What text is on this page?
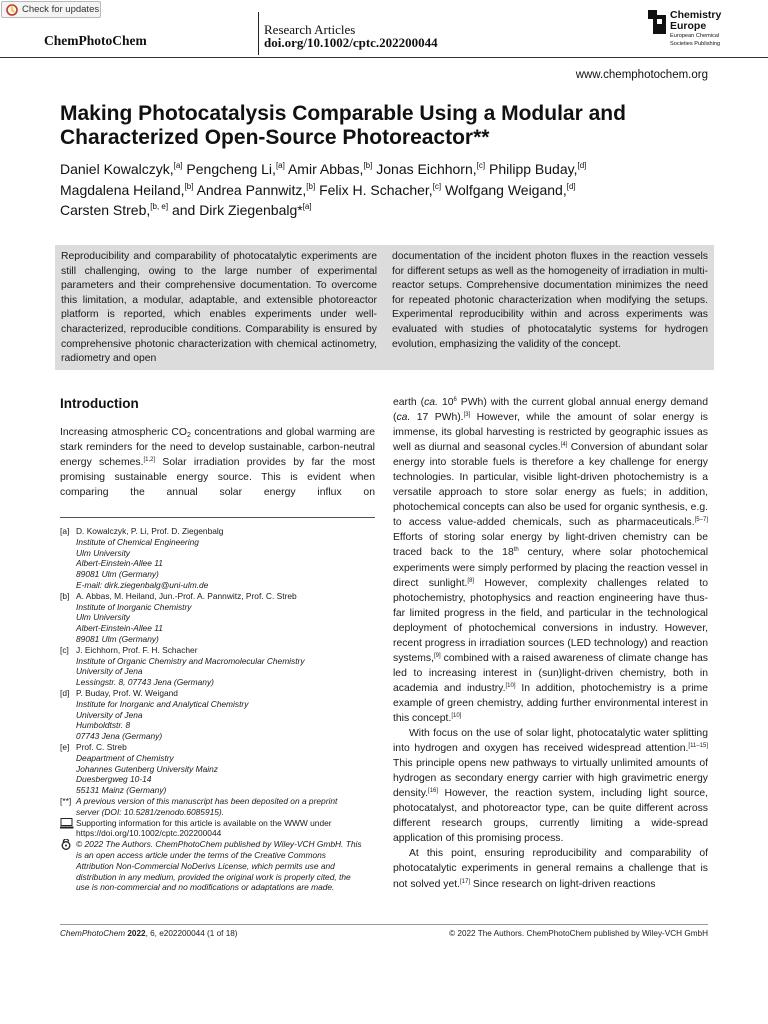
Check for updates
ChemPhotoChem
Research Articles
doi.org/10.1002/cptc.202200044
Chemistry
Europe
European Chemical
Societies Publishing
www.chemphotochem.org
Making Photocatalysis Comparable Using a Modular and
Characterized Open-Source Photoreactor**
Daniel Kowalczyk,[a] Pengcheng Li,[a] Amir Abbas,[b] Jonas Eichhorn,[c] Philipp Buday,[d]
Magdalena Heiland,[b] Andrea Pannwitz,[b] Felix H. Schacher,[c] Wolfgang Weigand,[d]
Carsten Streb,[b, e] and Dirk Ziegenbalg*[a]

Reproducibility and comparability of photocatalytic experiments are still challenging, owing to the large number of experimental parameters and their comprehensive documentation. To overcome this limitation, a modular, adaptable, and extensible photoreactor platform is reported, which enables experiments under well-characterized, reproducible conditions. Comparability is ensured by comprehensive photonic characterization with chemical actinometry, radiometry and open

documentation of the incident photon fluxes in the reaction vessels for different setups as well as the homogeneity of irradiation in multi-reactor setups. Comprehensive documentation minimizes the need for repeated photonic characterization when modifying the setups. Experimental reproducibility within and across experiments was evaluated with studies of photocatalytic systems for hydrogen evolution, emphasizing the validity of the concept.

Introduction

Increasing atmospheric $CO_2$ concentrations and global warming are stark reminders for the need to develop sustainable, carbon-neutral energy schemes.[1,2] Solar irradiation provides by far the most promising sustainable energy source. This is evident when comparing the annual solar energy influx on

[a] D. Kowalczyk, P. Li, Prof. D. Ziegenbalg
Institute of Chemical Engineering
Ulm University
Albert-Einstein-Allee 11
89081 Ulm (Germany)
E-mail: dirk.ziegenbalg@uni-ulm.de
[b] A. Abbas, M. Heiland, Jun.-Prof. A. Pannwitz, Prof. C. Streb
Institute of Inorganic Chemistry
Ulm University
Albert-Einstein-Allee 11
89081 Ulm (Germany)
[c] J. Eichhorn, Prof. F. H. Schacher
Institute of Organic Chemistry and Macromolecular Chemistry
University of Jena
Lessingstr. 8, 07743 Jena (Germany)
[d] P. Buday, Prof. W. Weigand
Institute for Inorganic and Analytical Chemistry
University of Jena
Humboldtstr. 8
07743 Jena (Germany)
[e] Prof. C. Streb
Deapartment of Chemistry
Johannes Gutenberg University Mainz
Duesbergweg 10-14
55131 Mainz (Germany)
[**] A previous version of this manuscript has been deposited on a preprint
server (DOI: 10.5281/zenodo.6085915).
Supporting information for this article is available on the WWW under
https://doi.org/10.1002/cptc.202200044
© 2022 The Authors. ChemPhotoChem published by Wiley-VCH GmbH. This
is an open access article under the terms of the Creative Commons
Attribution Non-Commercial NoDerivs License, which permits use and
distribution in any medium, provided the original work is properly cited, the
use is non-commercial and no modifications or adaptations are made.

earth (ca. $10^6$ PWh) with the current global annual energy demand (ca. 17 PWh).[3] However, while the amount of solar energy is immense, its global harvesting is restricted by geographic issues as well as diurnal and seasonal cycles.[4] Conversion of abundant solar energy into storable fuels is therefore a key challenge for energy technologies. In particular, visible light-driven photochemistry is a versatile approach to store solar energy as fuels; in addition, photochemical concepts can also be used for organic synthesis, e.g. to access value-added chemicals, such as pharmaceuticals.[5–7] Efforts of storing solar energy by light-driven chemistry can be traced back to the 18th century, where solar photochemical experiments were simply performed by placing the reaction vessel in direct sunlight.[8] However, complexity challenges related to photochemistry, photophysics and reaction engineering have thus-far limited progress in the field, and particular in the technological deployment of photochemical conversions in industry. However, recent progress in irradiation sources (LED technology) and reaction systems,[9] combined with a raised awareness of climate change has led to increasing interest in (sun)light-driven chemistry, both in academia and industry.[10] In addition, photochemistry is a prime example of green chemistry, adding further environmental interest in this concept.[10]

With focus on the use of solar light, photocatalytic water splitting into hydrogen and oxygen has received widespread attention.[11–15] This principle opens new pathways to virtually unlimited amounts of hydrogen as secondary energy carrier with high gravimetric energy density.[16] However, the reaction system, including light source, photocatalyst, and photoreactor type, can be quite different across different research groups, currently limiting a wide-spread application of this promising process.

At this point, ensuring reproducibility and comparability of photocatalytic experiments in general remains a challenge that is not solved yet.[17] Since research on light-driven reactions

ChemPhotoChem 2022, 6, e202200044 (1 of 18)	© 2022 The Authors. ChemPhotoChem published by Wiley-VCH GmbH
